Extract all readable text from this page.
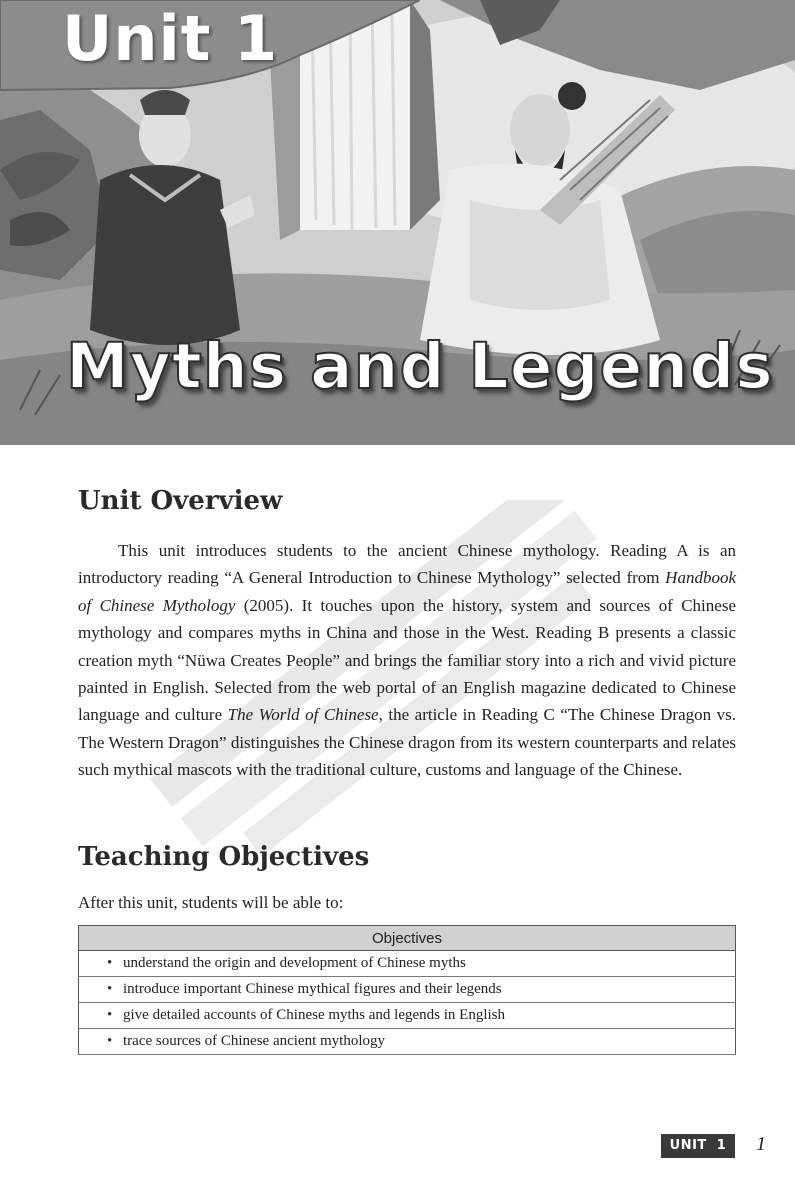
Unit 1
Myths and Legends
Unit Overview

This unit introduces students to the ancient Chinese mythology. Reading A is an introductory reading “A General Introduction to Chinese Mythology” selected from Handbook of Chinese Mythology (2005). It touches upon the history, system and sources of Chinese mythology and compares myths in China and those in the West. Reading B presents a classic creation myth “Nüwa Creates People” and brings the familiar story into a rich and vivid picture painted in English. Selected from the web portal of an English magazine dedicated to Chinese language and culture The World of Chinese, the article in Reading C “The Chinese Dragon vs. The Western Dragon” distinguishes the Chinese dragon from its western counterparts and relates such mythical mascots with the traditional culture, customs and language of the Chinese.

Teaching Objectives

After this unit, students will be able to:

Objectives
• understand the origin and development of Chinese myths
• introduce important Chinese mythical figures and their legends
• give detailed accounts of Chinese myths and legends in English
• trace sources of Chinese ancient mythology
UNIT 1	1
